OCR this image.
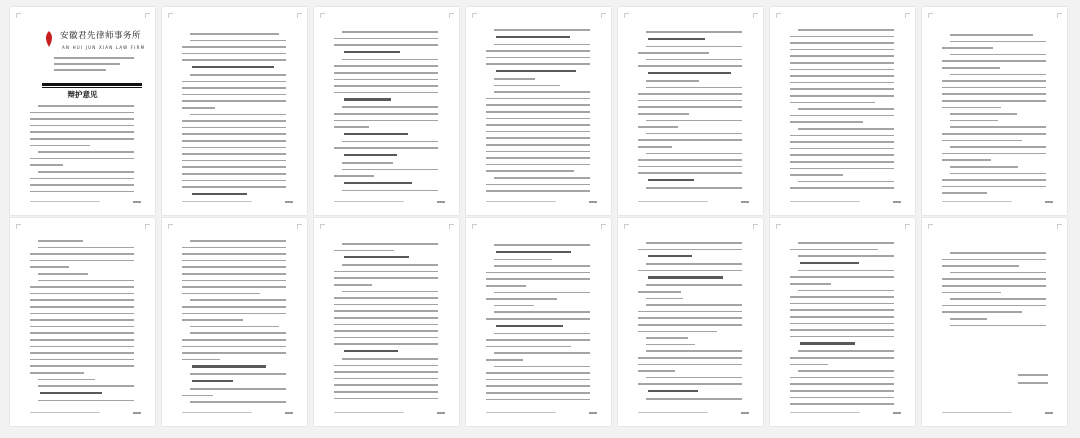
安徽君先律师事务所
AN HUI JUN XIAN LAW FIRM
辩护意见
